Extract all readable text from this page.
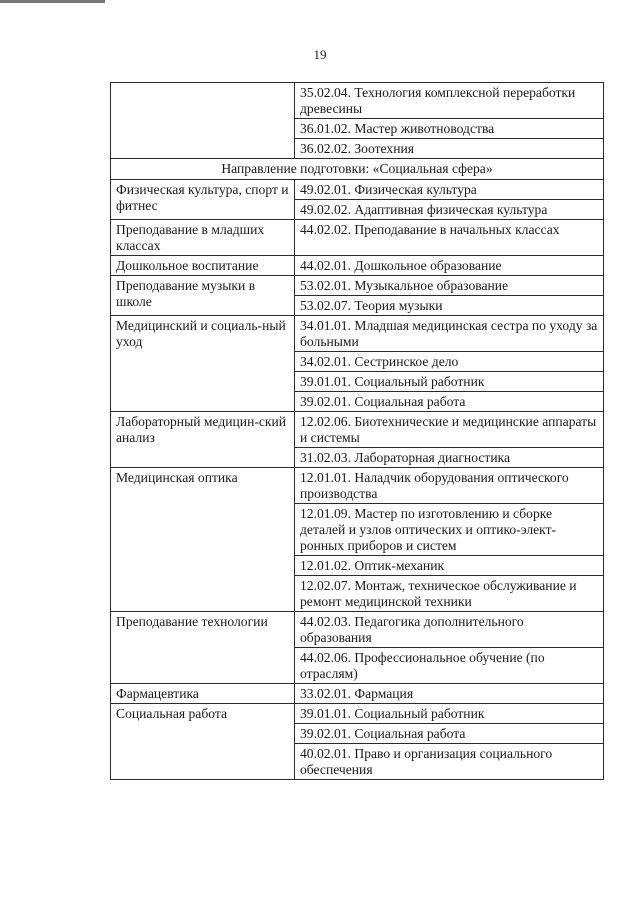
19
	35.02.04. Технология комплексной переработки древесины
	36.01.02. Мастер животноводства
	36.02.02. Зоотехния
Направление подготовки: «Социальная сфера»	
Физическая культура, спорт и фитнес	49.02.01. Физическая культура
	49.02.02. Адаптивная физическая культура
Преподавание в младших классах	44.02.02. Преподавание в начальных классах
Дошкольное воспитание	44.02.01. Дошкольное образование
Преподавание музыки в школе	53.02.01. Музыкальное образование
	53.02.07. Теория музыки
Медицинский и социаль-ный уход	34.01.01. Младшая медицинская сестра по уходу за больными
	34.02.01. Сестринское дело
	39.01.01. Социальный работник
	39.02.01. Социальная работа
Лабораторный медицин-ский анализ	12.02.06. Биотехнические и медицинские аппараты и системы
	31.02.03. Лабораторная диагностика
Медицинская оптика	12.01.01. Наладчик оборудования оптического производства
	12.01.09. Мастер по изготовлению и сборке деталей и узлов оптических и оптико-элект-ронных приборов и систем
	12.01.02. Оптик-механик
	12.02.07. Монтаж, техническое обслуживание и ремонт медицинской техники
Преподавание технологии	44.02.03. Педагогика дополнительного образования
	44.02.06. Профессиональное обучение (по отраслям)
Фармацевтика	33.02.01. Фармация
Социальная работа	39.01.01. Социальный работник
	39.02.01. Социальная работа
	40.02.01. Право и организация социального обеспечения
